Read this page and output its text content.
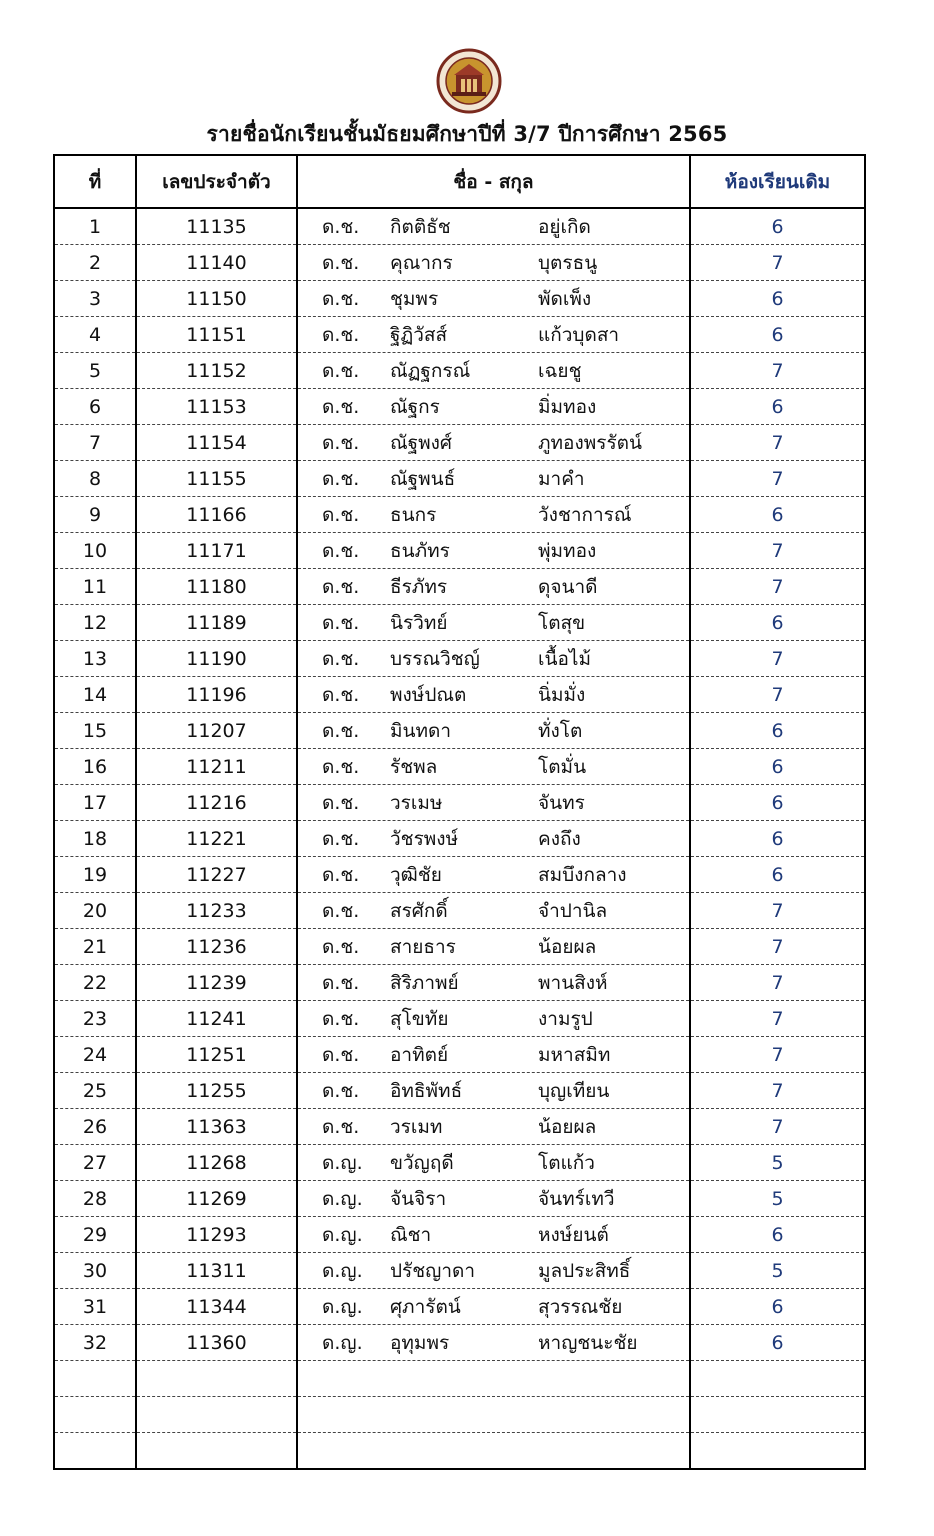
รายชื่อนักเรียนชั้นมัธยมศึกษาปีที่ 3/7 ปีการศึกษา 2565
ที่	เลขประจำตัว	ชื่อ - สกุล	ห้องเรียนเดิม
1	11135	ด.ช. กิตติธัช อยู่เกิด	6
2	11140	ด.ช. คุณากร บุตรธนู	7
3	11150	ด.ช. ชุมพร พัดเพ็ง	6
4	11151	ด.ช. ฐิฏิวัสส์ แก้วบุดสา	6
5	11152	ด.ช. ณัฏฐกรณ์ เฉยชู	7
6	11153	ด.ช. ณัฐกร มิ่มทอง	6
7	11154	ด.ช. ณัฐพงศ์ ภูทองพรรัตน์	7
8	11155	ด.ช. ณัฐพนธ์ มาคำ	7
9	11166	ด.ช. ธนกร วังชาการณ์	6
10	11171	ด.ช. ธนภัทร พุ่มทอง	7
11	11180	ด.ช. ธีรภัทร ดุจนาดี	7
12	11189	ด.ช. นิรวิทย์ โตสุข	6
13	11190	ด.ช. บรรณวิชญ์ เนื้อไม้	7
14	11196	ด.ช. พงษ์ปณต นิ่มมั่ง	7
15	11207	ด.ช. มินทดา ทั่งโต	6
16	11211	ด.ช. รัชพล โตมั่น	6
17	11216	ด.ช. วรเมษ จันทร	6
18	11221	ด.ช. วัชรพงษ์ คงถึง	6
19	11227	ด.ช. วุฒิชัย สมบึงกลาง	6
20	11233	ด.ช. สรศักดิ์ จำปานิล	7
21	11236	ด.ช. สายธาร น้อยผล	7
22	11239	ด.ช. สิริภาพย์ พานสิงห์	7
23	11241	ด.ช. สุโขทัย งามรูป	7
24	11251	ด.ช. อาทิตย์ มหาสมิท	7
25	11255	ด.ช. อิทธิพัทธ์ บุญเทียน	7
26	11363	ด.ช. วรเมท น้อยผล	7
27	11268	ด.ญ. ขวัญฤดี โตแก้ว	5
28	11269	ด.ญ. จันจิรา จันทร์เทวี	5
29	11293	ด.ญ. ณิชา หงษ์ยนต์	6
30	11311	ด.ญ. ปรัชญาดา มูลประสิทธิ์	5
31	11344	ด.ญ. ศุภารัตน์ สุวรรณชัย	6
32	11360	ด.ญ. อุทุมพร หาญชนะชัย	6
